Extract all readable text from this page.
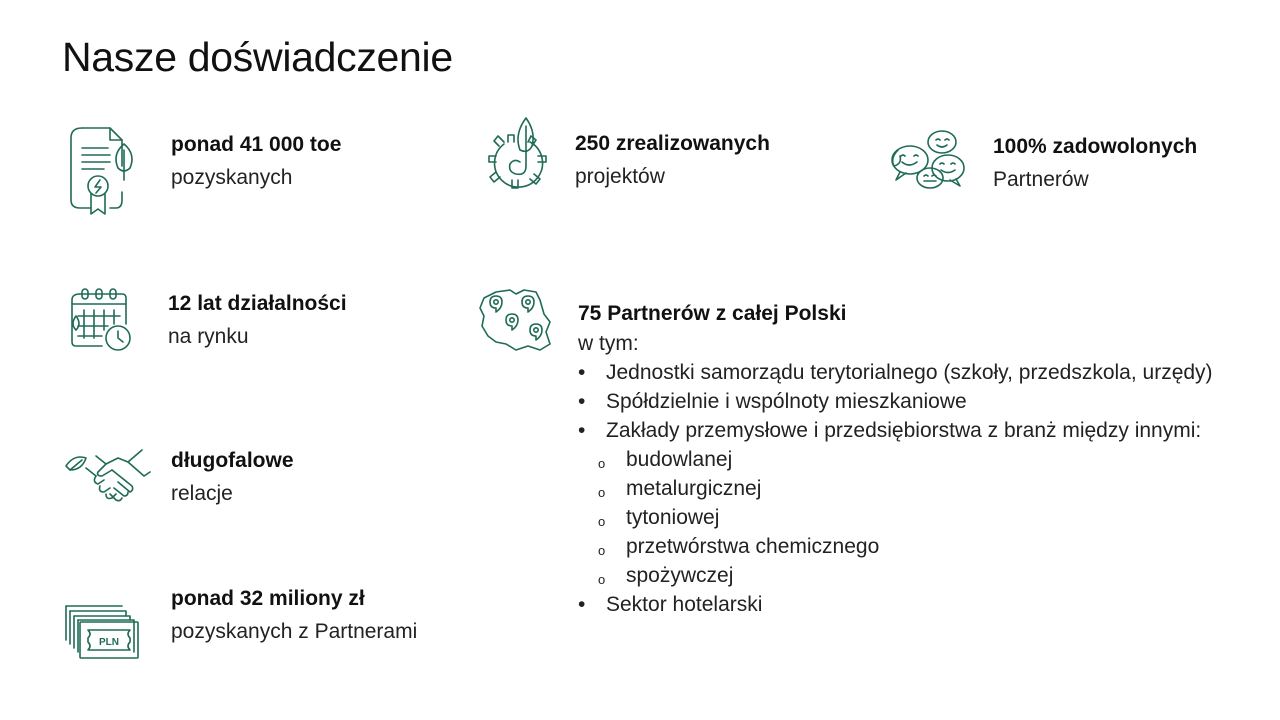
Nasze doświadczenie
ponad 41 000 toe
pozyskanych
250 zrealizowanych
projektów
100% zadowolonych
Partnerów
12 lat działalności
na rynku
75 Partnerów z całej Polski
w tym:
• Jednostki samorządu terytorialnego (szkoły, przedszkola, urzędy)
• Spółdzielnie i wspólnoty mieszkaniowe
• Zakłady przemysłowe i przedsiębiorstwa z branż między innymi:
o budowlanej
o metalurgicznej
o tytoniowej
o przetwórstwa chemicznego
o spożywczej
• Sektor hotelarski
długofalowe
relacje
PLN
ponad 32 miliony zł
pozyskanych z Partnerami
